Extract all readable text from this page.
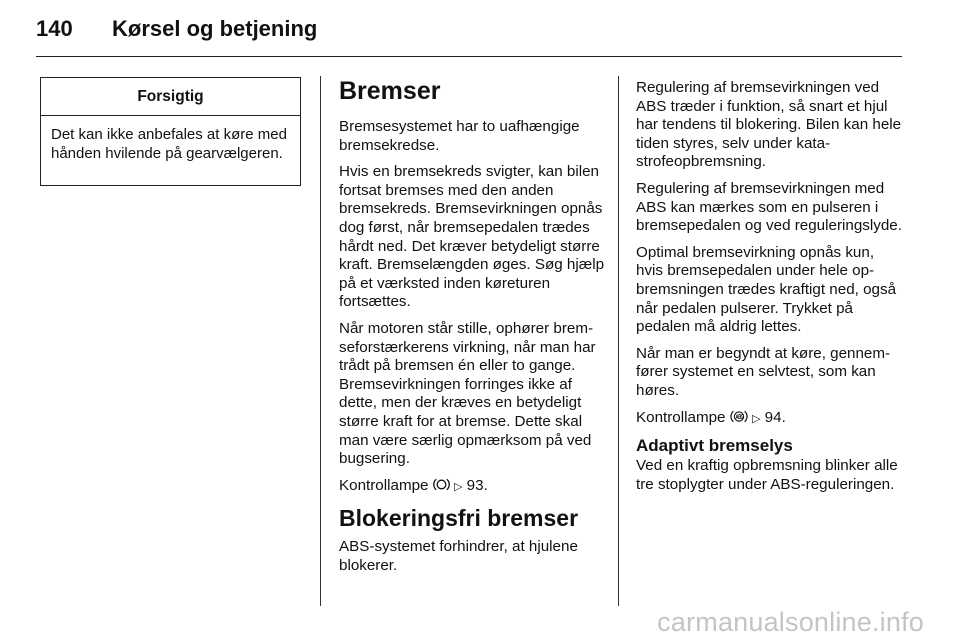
140 Kørsel og betjening
Forsigtig
Det kan ikke anbefales at køre med hånden hvilende på gearvælgeren.
Bremser

Bremsesystemet har to uafhængige bremsekredse.

Hvis en bremsekreds svigter, kan bilen fortsat bremses med den anden bremsekreds. Bremsevirkningen opnås dog først, når bremsepedalen trædes hårdt ned. Det kræver betydeligt større kraft. Bremselængden øges. Søg hjælp på et værksted inden køreturen fortsættes.

Når motoren står stille, ophører bremseforstærkerens virkning, når man har trådt på bremsen én eller to gange. Bremsevirkningen forringes ikke af dette, men der kræves en betydeligt større kraft for at bremse. Dette skal man være særlig opmærksom på ved bugsering.

Kontrollampe ▷ 93.

Blokeringsfri bremser

ABS-systemet forhindrer, at hjulene blokerer.

Regulering af bremsevirkningen ved ABS træder i funktion, så snart et hjul har tendens til blokering. Bilen kan hele tiden styres, selv under katastrofeopbremsning.

Regulering af bremsevirkningen med ABS kan mærkes som en pulseren i bremsepedalen og ved reguleringslyde.

Optimal bremsevirkning opnås kun, hvis bremsepedalen under hele opbremsningen trædes kraftigt ned, også når pedalen pulserer. Trykket på pedalen må aldrig lettes.

Når man er begyndt at køre, gennemfører systemet en selvtest, som kan høres.

Kontrollampe ▷ 94.

Adaptivt bremselys

Ved en kraftig opbremsning blinker alle tre stoplygter under ABS-reguleringen.

carmanualsonline.info
